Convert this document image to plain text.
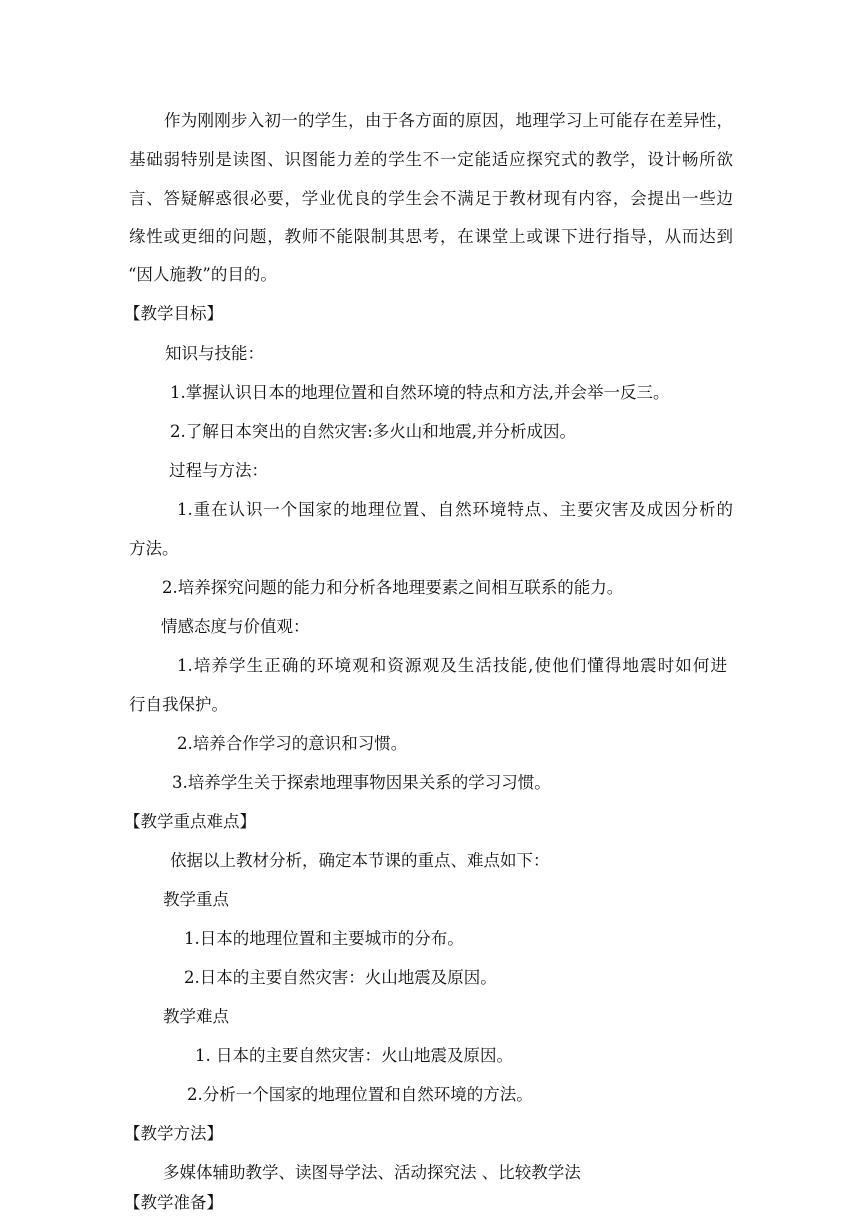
作为刚刚步入初一的学生，由于各方面的原因，地理学习上可能存在差异性，
基础弱特别是读图、识图能力差的学生不一定能适应探究式的教学，设计畅所欲
言、答疑解惑很必要，学业优良的学生会不满足于教材现有内容，会提出一些边
缘性或更细的问题，教师不能限制其思考，在课堂上或课下进行指导，从而达到
“因人施教”的目的。
【教学目标】
知识与技能：
1.掌握认识日本的地理位置和自然环境的特点和方法,并会举一反三。
2.了解日本突出的自然灾害:多火山和地震,并分析成因。
过程与方法：
1.重在认识一个国家的地理位置、自然环境特点、主要灾害及成因分析的
方法。
2.培养探究问题的能力和分析各地理要素之间相互联系的能力。
情感态度与价值观：
1.培养学生正确的环境观和资源观及生活技能,使他们懂得地震时如何进
行自我保护。
2.培养合作学习的意识和习惯。
3.培养学生关于探索地理事物因果关系的学习习惯。
【教学重点难点】
依据以上教材分析，确定本节课的重点、难点如下：
教学重点
1.日本的地理位置和主要城市的分布。
2.日本的主要自然灾害：火山地震及原因。
教学难点
1. 日本的主要自然灾害：火山地震及原因。
2.分析一个国家的地理位置和自然环境的方法。
【教学方法】
多媒体辅助教学、读图导学法、活动探究法 、比较教学法
【教学准备】
